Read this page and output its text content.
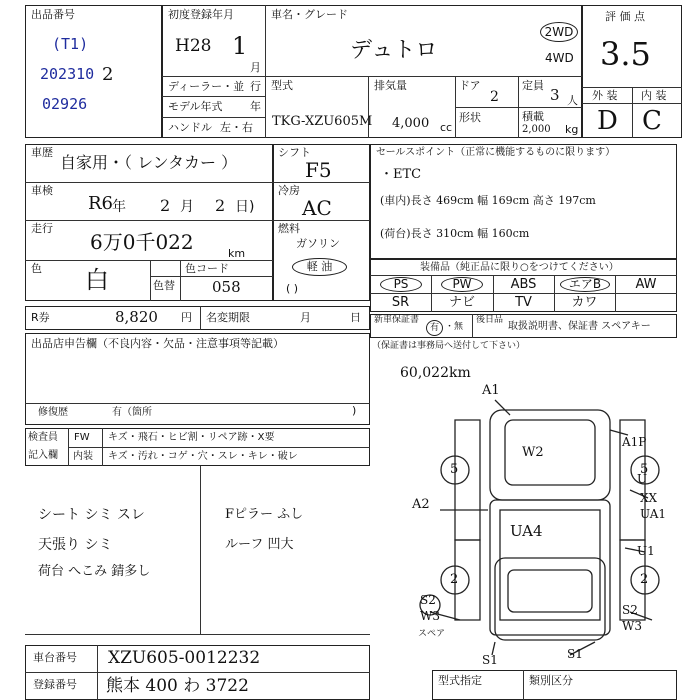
出品番号
(T1)
202310 2
02926
初度登録年月
H28 1
月
ディーラー・並 行
モデル年式	年
ハンドル 左・右
車名・グレード
デュトロ
2WD
4WD
型式
TKG-XZU605M
排気量
4,000 cc
ドア
2
形状
定員
3 人
積載
2,000 kg
評 価 点
3.5
外 装 内 装
D C
車歴
自家用・（ レンタカー ）
車検
R6
年 2 月 2 日)
走行
6万0千022	km
色 白	色替
色コード
058
シフト
F5
冷房
AC
燃料
ガソリン
軽 油
( )
セールスポイント（正常に機能するものに限ります）
・ETC
(車内)長さ 469cm 幅 169cm 高さ 197cm
(荷台)長さ 310cm 幅 160cm
装備品（純正品に限り○をつけてください）
PS	PW	ABS	エアB	AW
SR	ナビ	TV	カワ
R券	8,820 円 名変期限	月	日 新車保証書
有 ・無
後日品
取扱説明書、保証書 スペアキー
（保証書は事務局へ送付して下さい）
出品店申告欄（不良内容・欠品・注意事項等記載）
修復歴	有（箇所	)
検査員
記入欄
FW キズ・飛石・ヒビ割・リペア跡・X要
内装 キズ・汚れ・コゲ・穴・スレ・キレ・破レ
シート シミ スレ
天張り シミ
荷台 へこみ 錆多し
Fピラー ふし
ルーフ 凹大
60,022km
A1
W2
A1P
U
XX
UA1
U1
A2
UA4
S2
W3	S2
W3
S1	S1
5	5
2	2
スペア
車台番号 XZU605-0012232
登録番号 熊本 400 わ 3722	型式指定	類別区分
